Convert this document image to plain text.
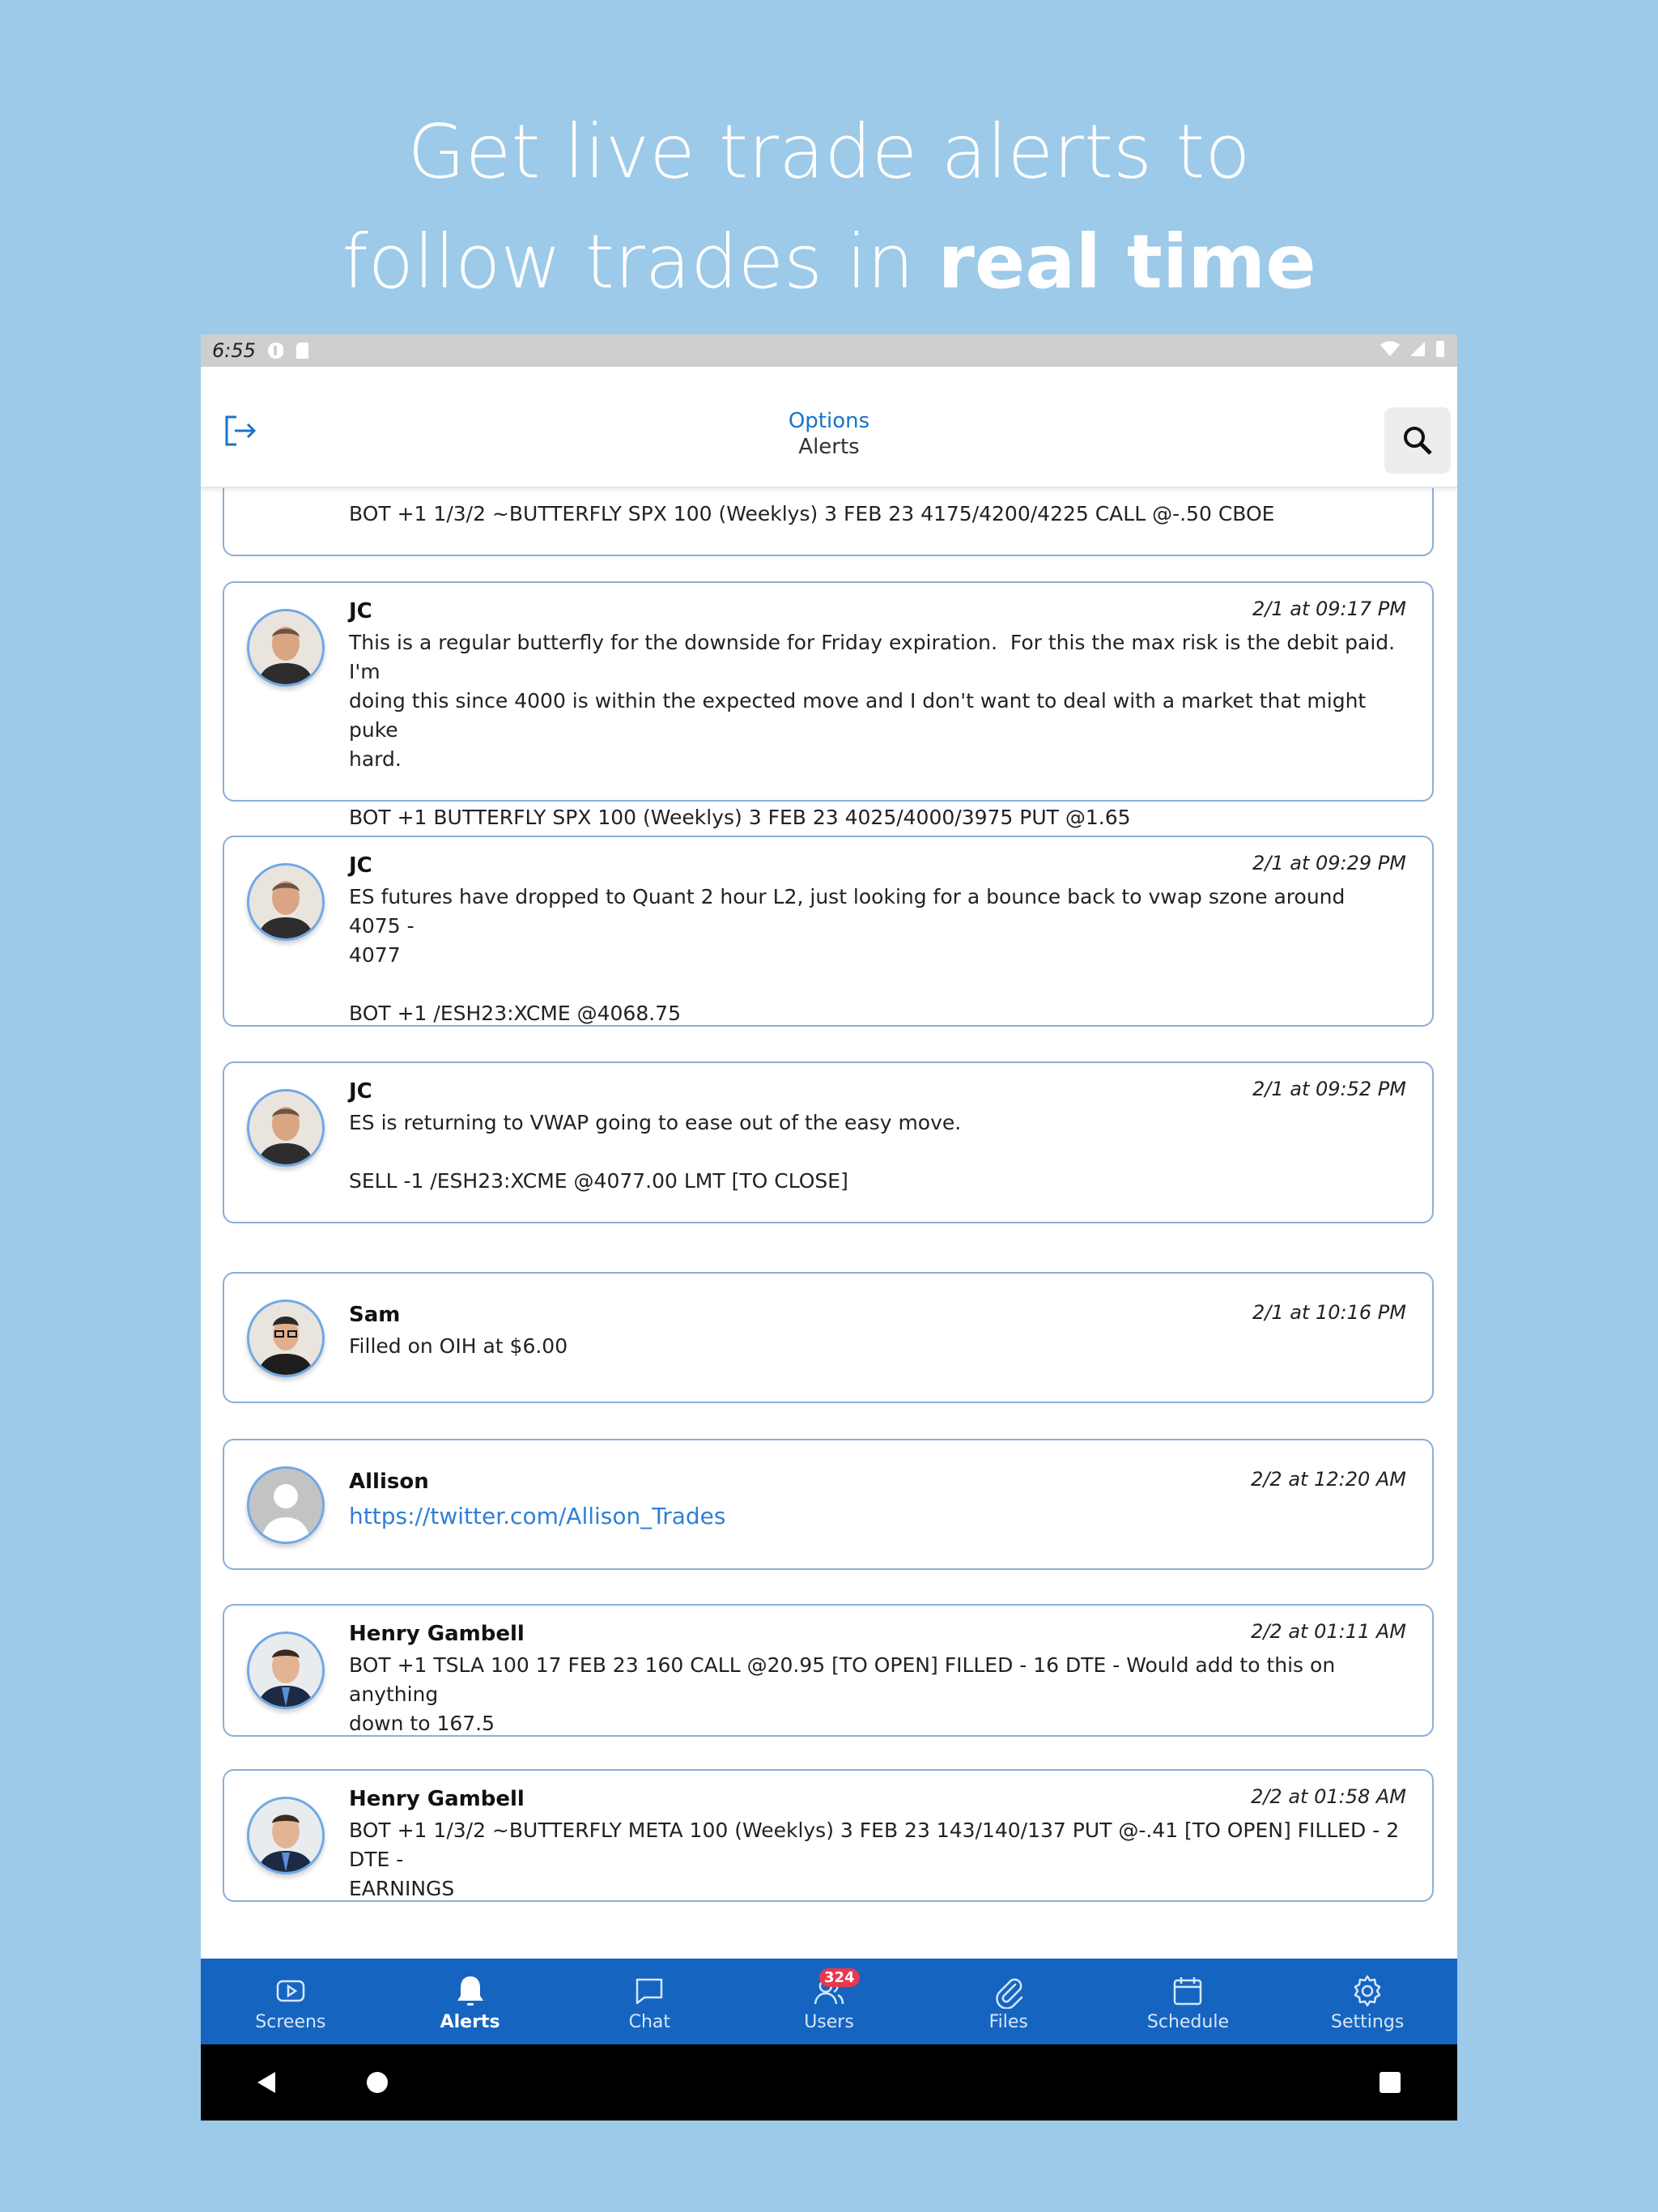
Get live trade alerts to
follow trades in real time
6:55
Options
Alerts

BOT +1 1/3/2 ~BUTTERFLY SPX 100 (Weeklys) 3 FEB 23 4175/4200/4225 CALL @-.50 CBOE

JC	2/1 at 09:17 PM

This is a regular butterfly for the downside for Friday expiration.  For this the max risk is the debit paid.  I'm
doing this since 4000 is within the expected move and I don't want to deal with a market that might puke
hard.

BOT +1 BUTTERFLY SPX 100 (Weeklys) 3 FEB 23 4025/4000/3975 PUT @1.65

JC	2/1 at 09:29 PM

ES futures have dropped to Quant 2 hour L2, just looking for a bounce back to vwap szone around 4075 -
4077

BOT +1 /ESH23:XCME @4068.75

JC	2/1 at 09:52 PM

ES is returning to VWAP going to ease out of the easy move.

SELL -1 /ESH23:XCME @4077.00 LMT [TO CLOSE]

Sam	2/1 at 10:16 PM

Filled on OIH at $6.00

Allison	2/2 at 12:20 AM
https://twitter.com/Allison_Trades
Henry Gambell	2/2 at 01:11 AM

BOT +1 TSLA 100 17 FEB 23 160 CALL @20.95 [TO OPEN] FILLED - 16 DTE - Would add to this on anything
down to 167.5

Henry Gambell	2/2 at 01:58 AM

BOT +1 1/3/2 ~BUTTERFLY META 100 (Weeklys) 3 FEB 23 143/140/137 PUT @-.41 [TO OPEN] FILLED - 2 DTE -
EARNINGS

Screens	Alerts	Chat
324
Users	Files	Schedule	Settings
